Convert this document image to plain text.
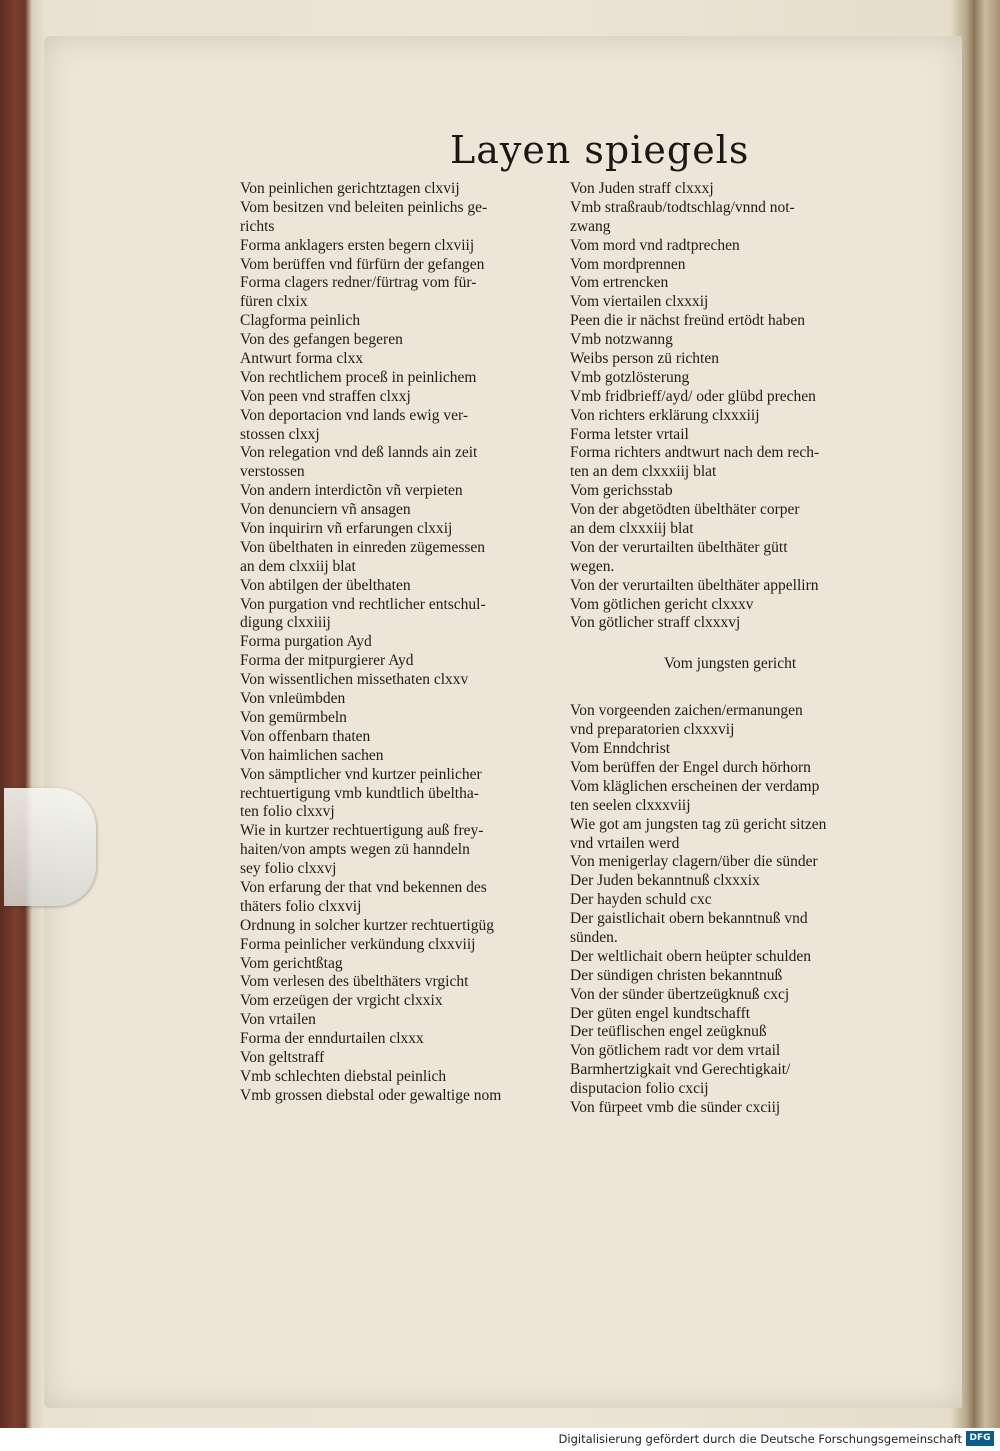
Layen spiegels
Von peinlichen gerichtztagen clxvij
Vom besitzen vnd beleiten peinlichs ge-
richts
Forma anklagers ersten begern clxviij
Vom berüffen vnd fürfürn der gefangen
Forma clagers redner/fürtrag vom für-
füren clxix
Clagforma peinlich
Von des gefangen begeren
Antwurt forma clxx
Von rechtlichem proceß in peinlichem
Von peen vnd straffen clxxj
Von deportacion vnd lands ewig ver-
stossen clxxj
Von relegation vnd deß lannds ain zeit
verstossen
Von andern interdictõn vñ verpieten
Von denunciern vñ ansagen
Von inquirirn vñ erfarungen clxxij
Von übelthaten in einreden zügemessen
an dem clxxiij blat
Von abtilgen der übelthaten
Von purgation vnd rechtlicher entschul-
digung clxxiiij
Forma purgation Ayd
Forma der mitpurgierer Ayd
Von wissentlichen missethaten clxxv
Von vnleümbden
Von gemürmbeln
Von offenbarn thaten
Von haimlichen sachen
Von sämptlicher vnd kurtzer peinlicher
rechtuertigung vmb kundtlich übeltha-
ten folio clxxvj
Wie in kurtzer rechtuertigung auß frey-
haiten/von ampts wegen zü hanndeln
sey folio clxxvj
Von erfarung der that vnd bekennen des
thäters folio clxxvij
Ordnung in solcher kurtzer rechtuertigüg
Forma peinlicher verkündung clxxviij
Vom gerichtßtag
Vom verlesen des übelthäters vrgicht
Vom erzeügen der vrgicht clxxix
Von vrtailen
Forma der enndurtailen clxxx
Von geltstraff
Vmb schlechten diebstal peinlich
Vmb grossen diebstal oder gewaltige nom
Von Juden straff clxxxj
Vmb straßraub/todtschlag/vnnd not-
zwang
Vom mord vnd radtprechen
Vom mordprennen
Vom ertrencken
Vom viertailen clxxxij
Peen die ir nächst freünd ertödt haben
Vmb notzwanng
Weibs person zü richten
Vmb gotzlösterung
Vmb fridbrieff/ayd/ oder glübd prechen
Von richters erklärung clxxxiij
Forma letster vrtail
Forma richters andtwurt nach dem rech-
ten an dem clxxxiij blat
Vom gerichsstab
Von der abgetödten übelthäter corper
an dem clxxxiij blat
Von der verurtailten übelthäter gütt
wegen.
Von der verurtailten übelthäter appellirn
Vom götlichen gericht clxxxv
Von götlicher straff clxxxvj
Vom jungsten gericht
Von vorgeenden zaichen/ermanungen
vnd preparatorien clxxxvij
Vom Enndchrist
Vom berüffen der Engel durch hörhorn
Vom kläglichen erscheinen der verdamp
ten seelen clxxxviij
Wie got am jungsten tag zü gericht sitzen
vnd vrtailen werd
Von menigerlay clagern/über die sünder
Der Juden bekanntnuß clxxxix
Der hayden schuld cxc
Der gaistlichait obern bekanntnuß vnd
sünden.
Der weltlichait obern heüpter schulden
Der sündigen christen bekanntnuß
Von der sünder übertzeügknuß cxcj
Der güten engel kundtschafft
Der teüflischen engel zeügknuß
Von götlichem radt vor dem vrtail
Barmhertzigkait vnd Gerechtigkait/
disputacion folio cxcij
Von fürpeet vmb die sünder cxciij
Digitalisierung gefördert durch die Deutsche Forschungsgemeinschaft DFG
